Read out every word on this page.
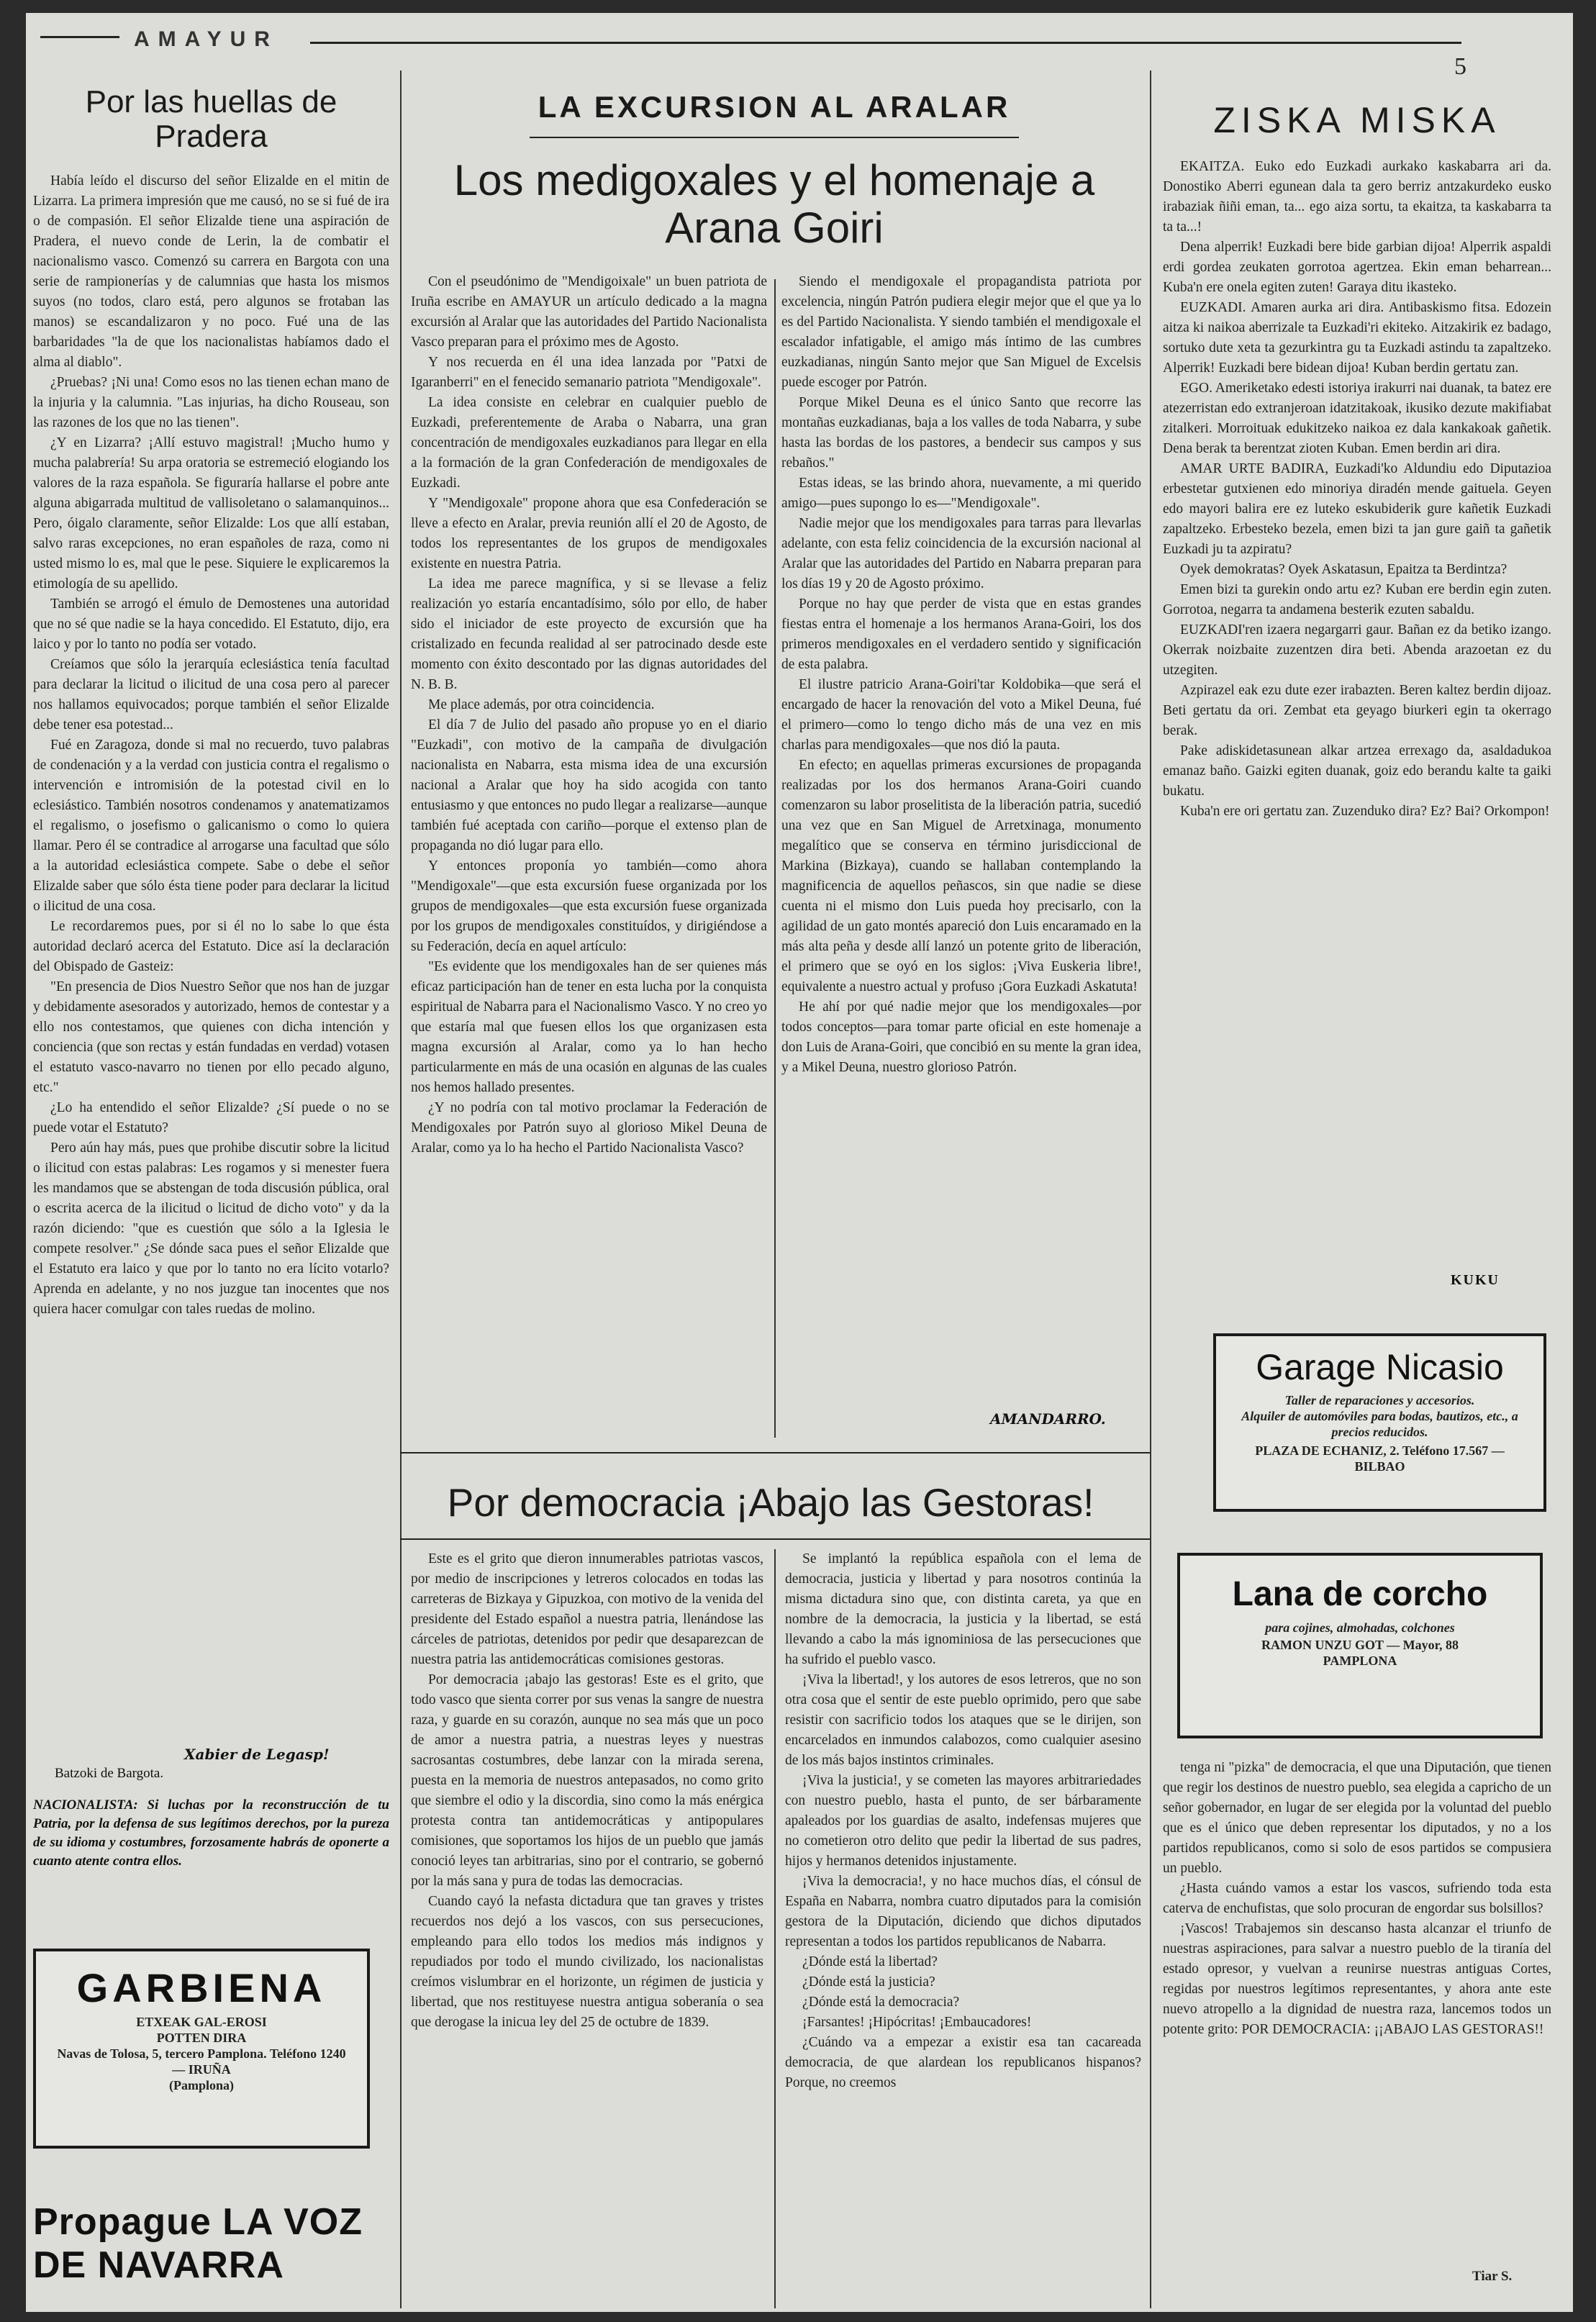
AMAYUR
5
Por las huellas de Pradera

Había leído el discurso del señor Elizalde en el mitin de Lizarra. La primera impresión que me causó, no se si fué de ira o de compasión. El señor Elizalde tiene una aspiración de Pradera, el nuevo conde de Lerin, la de combatir el nacionalismo vasco. Comenzó su carrera en Bargota con una serie de rampionerías y de calumnias que hasta los mismos suyos (no todos, claro está, pero algunos se frotaban las manos) se escandalizaron y no poco. Fué una de las barbaridades "la de que los nacionalistas habíamos dado el alma al diablo".

¿Pruebas? ¡Ni una! Como esos no las tienen echan mano de la injuria y la calumnia. "Las injurias, ha dicho Rouseau, son las razones de los que no las tienen".

¿Y en Lizarra? ¡Allí estuvo magistral! ¡Mucho humo y mucha palabrería! Su arpa oratoria se estremeció elogiando los valores de la raza española. Se figuraría hallarse el pobre ante alguna abigarrada multitud de vallisoletano o salamanquinos... Pero, óigalo claramente, señor Elizalde: Los que allí estaban, salvo raras excepciones, no eran españoles de raza, como ni usted mismo lo es, mal que le pese. Siquiere le explicaremos la etimología de su apellido.

También se arrogó el émulo de Demostenes una autoridad que no sé que nadie se la haya concedido. El Estatuto, dijo, era laico y por lo tanto no podía ser votado.

Creíamos que sólo la jerarquía eclesiástica tenía facultad para declarar la licitud o ilicitud de una cosa pero al parecer nos hallamos equivocados; porque también el señor Elizalde debe tener esa potestad...

Fué en Zaragoza, donde si mal no recuerdo, tuvo palabras de condenación y a la verdad con justicia contra el regalismo o intervención e intromisión de la potestad civil en lo eclesiástico. También nosotros condenamos y anatematizamos el regalismo, o josefismo o galicanismo o como lo quiera llamar. Pero él se contradice al arrogarse una facultad que sólo a la autoridad eclesiástica compete. Sabe o debe el señor Elizalde saber que sólo ésta tiene poder para declarar la licitud o ilicitud de una cosa.

Le recordaremos pues, por si él no lo sabe lo que ésta autoridad declaró acerca del Estatuto. Dice así la declaración del Obispado de Gasteiz:

"En presencia de Dios Nuestro Señor que nos han de juzgar y debidamente asesorados y autorizado, hemos de contestar y a ello nos contestamos, que quienes con dicha intención y conciencia (que son rectas y están fundadas en verdad) votasen el estatuto vasco-navarro no tienen por ello pecado alguno, etc."

¿Lo ha entendido el señor Elizalde? ¿Sí puede o no se puede votar el Estatuto?

Pero aún hay más, pues que prohibe discutir sobre la licitud o ilicitud con estas palabras: Les rogamos y si menester fuera les mandamos que se abstengan de toda discusión pública, oral o escrita acerca de la ilicitud o licitud de dicho voto" y da la razón diciendo: "que es cuestión que sólo a la Iglesia le compete resolver." ¿Se dónde saca pues el señor Elizalde que el Estatuto era laico y que por lo tanto no era lícito votarlo? Aprenda en adelante, y no nos juzgue tan inocentes que nos quiera hacer comulgar con tales ruedas de molino.

Xabier de Legasp!
Batzoki de Bargota.
NACIONALISTA: Si luchas por la reconstrucción de tu Patria, por la defensa de sus legítimos derechos, por la pureza de su idioma y costumbres, forzosamente habrás de oponerte a cuanto atente contra ellos.
GARBIENA
ETXEAK GAL-EROSI
POTTEN DIRA
Navas de Tolosa, 5, tercero Pamplona. Teléfono 1240 — IRUÑA
(Pamplona)
Propague LA VOZ DE NAVARRA
LA EXCURSION AL ARALAR
Los medigoxales y el homenaje a Arana Goiri

Con el pseudónimo de "Mendigoixale" un buen patriota de Iruña escribe en AMAYUR un artículo dedicado a la magna excursión al Aralar que las autoridades del Partido Nacionalista Vasco preparan para el próximo mes de Agosto.

Y nos recuerda en él una idea lanzada por "Patxi de Igaranberri" en el fenecido semanario patriota "Mendigoxale".

La idea consiste en celebrar en cualquier pueblo de Euzkadi, preferentemente de Araba o Nabarra, una gran concentración de mendigoxales euzkadianos para llegar en ella a la formación de la gran Confederación de mendigoxales de Euzkadi.

Y "Mendigoxale" propone ahora que esa Confederación se lleve a efecto en Aralar, previa reunión allí el 20 de Agosto, de todos los representantes de los grupos de mendigoxales existente en nuestra Patria.

La idea me parece magnífica, y si se llevase a feliz realización yo estaría encantadísimo, sólo por ello, de haber sido el iniciador de este proyecto de excursión que ha cristalizado en fecunda realidad al ser patrocinado desde este momento con éxito descontado por las dignas autoridades del N. B. B.

Me place además, por otra coincidencia.

El día 7 de Julio del pasado año propuse yo en el diario "Euzkadi", con motivo de la campaña de divulgación nacionalista en Nabarra, esta misma idea de una excursión nacional a Aralar que hoy ha sido acogida con tanto entusiasmo y que entonces no pudo llegar a realizarse—aunque también fué aceptada con cariño—porque el extenso plan de propaganda no dió lugar para ello.

Y entonces proponía yo también—como ahora "Mendigoxale"—que esta excursión fuese organizada por los grupos de mendigoxales—que esta excursión fuese organizada por los grupos de mendigoxales constituídos, y dirigiéndose a su Federación, decía en aquel artículo:

"Es evidente que los mendigoxales han de ser quienes más eficaz participación han de tener en esta lucha por la conquista espiritual de Nabarra para el Nacionalismo Vasco. Y no creo yo que estaría mal que fuesen ellos los que organizasen esta magna excursión al Aralar, como ya lo han hecho particularmente en más de una ocasión en algunas de las cuales nos hemos hallado presentes.

¿Y no podría con tal motivo proclamar la Federación de Mendigoxales por Patrón suyo al glorioso Mikel Deuna de Aralar, como ya lo ha hecho el Partido Nacionalista Vasco?

Siendo el mendigoxale el propagandista patriota por excelencia, ningún Patrón pudiera elegir mejor que el que ya lo es del Partido Nacionalista. Y siendo también el mendigoxale el escalador infatigable, el amigo más íntimo de las cumbres euzkadianas, ningún Santo mejor que San Miguel de Excelsis puede escoger por Patrón.

Porque Mikel Deuna es el único Santo que recorre las montañas euzkadianas, baja a los valles de toda Nabarra, y sube hasta las bordas de los pastores, a bendecir sus campos y sus rebaños."

Estas ideas, se las brindo ahora, nuevamente, a mi querido amigo—pues supongo lo es—"Mendigoxale".

Nadie mejor que los mendigoxales para tarras para llevarlas adelante, con esta feliz coincidencia de la excursión nacional al Aralar que las autoridades del Partido en Nabarra preparan para los días 19 y 20 de Agosto próximo.

Porque no hay que perder de vista que en estas grandes fiestas entra el homenaje a los hermanos Arana-Goiri, los dos primeros mendigoxales en el verdadero sentido y significación de esta palabra.

El ilustre patricio Arana-Goiri'tar Koldobika—que será el encargado de hacer la renovación del voto a Mikel Deuna, fué el primero—como lo tengo dicho más de una vez en mis charlas para mendigoxales—que nos dió la pauta.

En efecto; en aquellas primeras excursiones de propaganda realizadas por los dos hermanos Arana-Goiri cuando comenzaron su labor proselitista de la liberación patria, sucedió una vez que en San Miguel de Arretxinaga, monumento megalítico que se conserva en término jurisdiccional de Markina (Bizkaya), cuando se hallaban contemplando la magnificencia de aquellos peñascos, sin que nadie se diese cuenta ni el mismo don Luis pueda hoy precisarlo, con la agilidad de un gato montés apareció don Luis encaramado en la más alta peña y desde allí lanzó un potente grito de liberación, el primero que se oyó en los siglos: ¡Viva Euskeria libre!, equivalente a nuestro actual y profuso ¡Gora Euzkadi Askatuta!

He ahí por qué nadie mejor que los mendigoxales—por todos conceptos—para tomar parte oficial en este homenaje a don Luis de Arana-Goiri, que concibió en su mente la gran idea, y a Mikel Deuna, nuestro glorioso Patrón.

AMANDARRO.
Por democracia ¡Abajo las Gestoras!

Este es el grito que dieron innumerables patriotas vascos, por medio de inscripciones y letreros colocados en todas las carreteras de Bizkaya y Gipuzkoa, con motivo de la venida del presidente del Estado español a nuestra patria, llenándose las cárceles de patriotas, detenidos por pedir que desaparezcan de nuestra patria las antidemocráticas comisiones gestoras.

Por democracia ¡abajo las gestoras! Este es el grito, que todo vasco que sienta correr por sus venas la sangre de nuestra raza, y guarde en su corazón, aunque no sea más que un poco de amor a nuestra patria, a nuestras leyes y nuestras sacrosantas costumbres, debe lanzar con la mirada serena, puesta en la memoria de nuestros antepasados, no como grito que siembre el odio y la discordia, sino como la más enérgica protesta contra tan antidemocráticas y antipopulares comisiones, que soportamos los hijos de un pueblo que jamás conoció leyes tan arbitrarias, sino por el contrario, se gobernó por la más sana y pura de todas las democracias.

Cuando cayó la nefasta dictadura que tan graves y tristes recuerdos nos dejó a los vascos, con sus persecuciones, empleando para ello todos los medios más indignos y repudiados por todo el mundo civilizado, los nacionalistas creímos vislumbrar en el horizonte, un régimen de justicia y libertad, que nos restituyese nuestra antigua soberanía o sea que derogase la inicua ley del 25 de octubre de 1839.

Se implantó la república española con el lema de democracia, justicia y libertad y para nosotros continúa la misma dictadura sino que, con distinta careta, ya que en nombre de la democracia, la justicia y la libertad, se está llevando a cabo la más ignominiosa de las persecuciones que ha sufrido el pueblo vasco.

¡Viva la libertad!, y los autores de esos letreros, que no son otra cosa que el sentir de este pueblo oprimido, pero que sabe resistir con sacrificio todos los ataques que se le dirijen, son encarcelados en inmundos calabozos, como cualquier asesino de los más bajos instintos criminales.

¡Viva la justicia!, y se cometen las mayores arbitrariedades con nuestro pueblo, hasta el punto, de ser bárbaramente apaleados por los guardias de asalto, indefensas mujeres que no cometieron otro delito que pedir la libertad de sus padres, hijos y hermanos detenidos injustamente.

¡Viva la democracia!, y no hace muchos días, el cónsul de España en Nabarra, nombra cuatro diputados para la comisión gestora de la Diputación, diciendo que dichos diputados representan a todos los partidos republicanos de Nabarra.

¿Dónde está la libertad?

¿Dónde está la justicia?

¿Dónde está la democracia?

¡Farsantes! ¡Hipócritas! ¡Embaucadores!

¿Cuándo va a empezar a existir esa tan cacareada democracia, de que alardean los republicanos hispanos? Porque, no creemos

ZISKA MISKA

EKAITZA. Euko edo Euzkadi aurkako kaskabarra ari da. Donostiko Aberri egunean dala ta gero berriz antzakurdeko eusko irabaziak ñiñi eman, ta... ego aiza sortu, ta ekaitza, ta kaskabarra ta ta ta...!

Dena alperrik! Euzkadi bere bide garbian dijoa! Alperrik aspaldi erdi gordea zeukaten gorrotoa agertzea. Ekin eman beharrean... Kuba'n ere onela egiten zuten! Garaya ditu ikasteko.

EUZKADI. Amaren aurka ari dira. Antibaskismo fitsa. Edozein aitza ki naikoa aberrizale ta Euzkadi'ri ekiteko. Aitzakirik ez badago, sortuko dute xeta ta gezurkintra gu ta Euzkadi astindu ta zapaltzeko. Alperrik! Euzkadi bere bidean dijoa! Kuban berdin gertatu zan.

EGO. Ameriketako edesti istoriya irakurri nai duanak, ta batez ere atezerristan edo extranjeroan idatzitakoak, ikusiko dezute makifiabat zitalkeri. Morroituak edukitzeko naikoa ez dala kankakoak gañetik. Dena berak ta berentzat zioten Kuban. Emen berdin ari dira.

AMAR URTE BADIRA, Euzkadi'ko Aldundiu edo Diputazioa erbestetar gutxienen edo minoriya diradén mende gaituela. Geyen edo mayori balira ere ez luteko eskubiderik gure kañetik Euzkadi zapaltzeko. Erbesteko bezela, emen bizi ta jan gure gaiñ ta gañetik Euzkadi ju ta azpiratu?

Oyek demokratas? Oyek Askatasun, Epaitza ta Berdintza?

Emen bizi ta gurekin ondo artu ez? Kuban ere berdin egin zuten. Gorrotoa, negarra ta andamena besterik ezuten sabaldu.

EUZKADI'ren izaera negargarri gaur. Bañan ez da betiko izango. Okerrak noizbaite zuzentzen dira beti. Abenda arazoetan ez du utzegiten.

Azpirazel eak ezu dute ezer irabazten. Beren kaltez berdin dijoaz. Beti gertatu da ori. Zembat eta geyago biurkeri egin ta okerrago berak.

Pake adiskidetasunean alkar artzea errexago da, asaldadukoa emanaz baño. Gaizki egiten duanak, goiz edo berandu kalte ta gaiki bukatu.

Kuba'n ere ori gertatu zan. Zuzenduko dira? Ez? Bai? Orkompon!

KUKU
Garage Nicasio
Taller de reparaciones y accesorios.
Alquiler de automóviles para bodas, bautizos, etc., a precios reducidos.
PLAZA DE ECHANIZ, 2. Teléfono 17.567 — BILBAO
Lana de corcho
para cojines, almohadas, colchones
RAMON UNZU GOT — Mayor, 88
PAMPLONA

tenga ni "pizka" de democracia, el que una Diputación, que tienen que regir los destinos de nuestro pueblo, sea elegida a capricho de un señor gobernador, en lugar de ser elegida por la voluntad del pueblo que es el único que deben representar los diputados, y no a los partidos republicanos, como si solo de esos partidos se compusiera un pueblo.

¿Hasta cuándo vamos a estar los vascos, sufriendo toda esta caterva de enchufistas, que solo procuran de engordar sus bolsillos?

¡Vascos! Trabajemos sin descanso hasta alcanzar el triunfo de nuestras aspiraciones, para salvar a nuestro pueblo de la tiranía del estado opresor, y vuelvan a reunirse nuestras antiguas Cortes, regidas por nuestros legítimos representantes, y ahora ante este nuevo atropello a la dignidad de nuestra raza, lancemos todos un potente grito: POR DEMOCRACIA: ¡¡ABAJO LAS GESTORAS!!

Tiar S.
